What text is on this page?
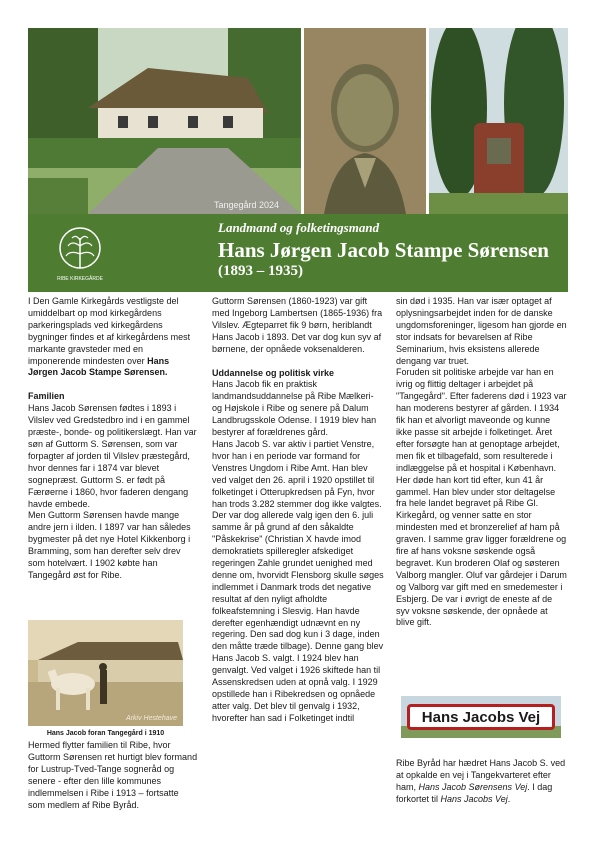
Tangegård 2024
RIBE KIRKEGÅRDE
Landmand og folketingsmand
Hans Jørgen Jacob Stampe Sørensen
(1893 – 1935)

I Den Gamle Kirkegårds vestligste del umiddelbart op mod kirkegårdens parkeringsplads ved kirkegårdens bygninger findes et af kirkegårdens mest markante gravsteder med en imponerende mindesten over Hans Jørgen Jacob Stampe Sørensen.

Familien

Hans Jacob Sørensen fødtes i 1893 i Vilslev ved Gredstedbro ind i en gammel præste-, bonde- og politikerslægt. Han var søn af Guttorm S. Sørensen, som var forpagter af jorden til Vilslev præstegård, hvor dennes far i 1874 var blevet sognepræst. Guttorm S. er født på Færøerne i 1860, hvor faderen dengang havde embede.

Men Guttorm Sørensen havde mange andre jern i ilden. I 1897 var han således bygmester på det nye Hotel Kikkenborg i Bramming, som han derefter selv drev som hotelvært. I 1902 købte han Tangegård øst for Ribe.

Arkiv Hestehave
Hans Jacob foran Tangegård i 1910

Hermed flytter familien til Ribe, hvor Guttorm Sørensen ret hurtigt blev formand for Lustrup-Tved-Tange sogneråd og senere - efter den lille kommunes indlemmelsen i Ribe i 1913 – fortsatte som medlem af Ribe Byråd.

Guttorm Sørensen (1860-1923) var gift med Ingeborg Lambertsen (1865-1936) fra Vilslev. Ægteparret fik 9 børn, heriblandt Hans Jacob i 1893. Det var dog kun syv af børnene, der opnåede voksenalderen.

Uddannelse og politisk virke

Hans Jacob fik en praktisk landmandsuddannelse på Ribe Mælkeri- og Højskole i Ribe og senere på Dalum Landbrugsskole Odense. I 1919 blev han bestyrer af forældrenes gård.

Hans Jacob S. var aktiv i partiet Venstre, hvor han i en periode var formand for Venstres Ungdom i Ribe Amt. Han blev ved valget den 26. april i 1920 opstillet til folketinget i Otterupkredsen på Fyn, hvor han trods 3.282 stemmer dog ikke valgtes. Der var dog allerede valg igen den 6. juli samme år på grund af den såkaldte "Påskekrise" (Christian X havde imod demokratiets spilleregler afskediget regeringen Zahle grundet uenighed med denne om, hvorvidt Flensborg skulle søges indlemmet i Danmark trods det negative resultat af den nyligt afholdte folkeafstemning i Slesvig. Han havde derefter egenhændigt udnævnt en ny regering. Den sad dog kun i 3 dage, inden den måtte træde tilbage). Denne gang blev Hans Jacob S. valgt. I 1924 blev han genvalgt. Ved valget i 1926 skiftede han til Assenskredsen uden at opnå valg. I 1929 opstillede han i Ribekredsen og opnåede atter valg. Det blev til genvalg i 1932, hvorefter han sad i Folketinget indtil

sin død i 1935. Han var især optaget af oplysningsarbejdet inden for de danske ungdomsforeninger, ligesom han gjorde en stor indsats for bevarelsen af Ribe Seminarium, hvis eksistens allerede dengang var truet.

Foruden sit politiske arbejde var han en ivrig og flittig deltager i arbejdet på "Tangegård". Efter faderens død i 1923 var han moderens bestyrer af gården. I 1934 fik han et alvorligt maveonde og kunne ikke passe sit arbejde i folketinget. Året efter forsøgte han at genoptage arbejdet, men fik et tilbagefald, som resulterede i indlæggelse på et hospital i København.

Her døde han kort tid efter, kun 41 år gammel. Han blev under stor deltagelse fra hele landet begravet på Ribe Gl. Kirkegård, og venner satte en stor mindesten med et bronzerelief af ham på graven. I samme grav ligger forældrene og fire af hans voksne søskende også begravet. Kun broderen Olaf og søsteren Valborg mangler. Oluf var gårdejer i Darum og Valborg var gift med en smedemester i Esbjerg. De var i øvrigt de eneste af de syv voksne søskende, der opnåede at blive gift.

Hans Jacobs Vej

Ribe Byråd har hædret Hans Jacob S. ved at opkalde en vej i Tangekvarteret efter ham, Hans Jacob Sørensens Vej. I dag forkortet til Hans Jacobs Vej.
